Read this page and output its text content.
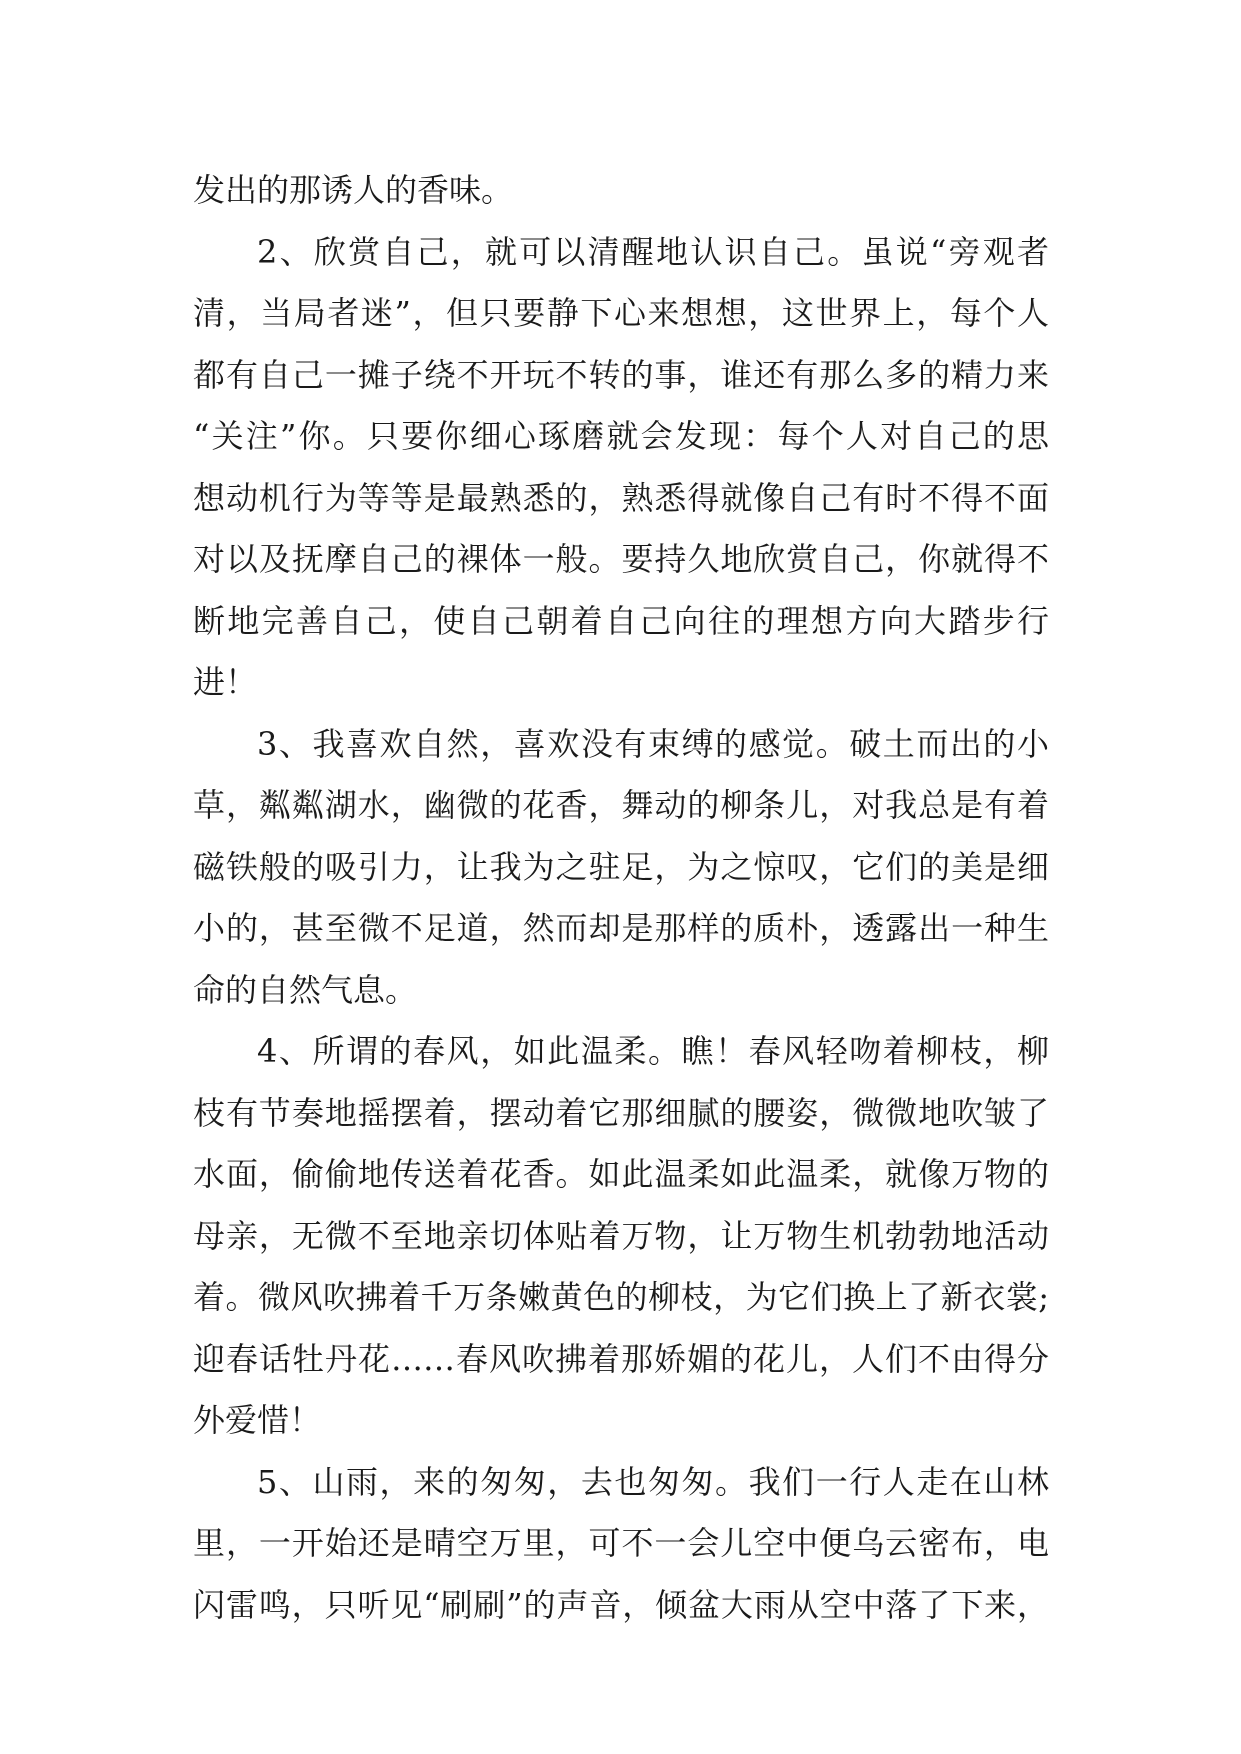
发出的那诱人的香味。
2、欣赏自己，就可以清醒地认识自己。虽说“旁观者
清，当局者迷”，但只要静下心来想想，这世界上，每个人
都有自己一摊子绕不开玩不转的事，谁还有那么多的精力来
“关注”你。只要你细心琢磨就会发现：每个人对自己的思
想动机行为等等是最熟悉的，熟悉得就像自己有时不得不面
对以及抚摩自己的裸体一般。要持久地欣赏自己，你就得不
断地完善自己，使自己朝着自己向往的理想方向大踏步行
进！
3、我喜欢自然，喜欢没有束缚的感觉。破土而出的小
草，粼粼湖水，幽微的花香，舞动的柳条儿，对我总是有着
磁铁般的吸引力，让我为之驻足，为之惊叹，它们的美是细
小的，甚至微不足道，然而却是那样的质朴，透露出一种生
命的自然气息。
4、所谓的春风，如此温柔。瞧！春风轻吻着柳枝，柳
枝有节奏地摇摆着，摆动着它那细腻的腰姿，微微地吹皱了
水面，偷偷地传送着花香。如此温柔如此温柔，就像万物的
母亲，无微不至地亲切体贴着万物，让万物生机勃勃地活动
着。微风吹拂着千万条嫩黄色的柳枝，为它们换上了新衣裳;
迎春话牡丹花……春风吹拂着那娇媚的花儿，人们不由得分
外爱惜！
5、山雨，来的匆匆，去也匆匆。我们一行人走在山林
里，一开始还是晴空万里，可不一会儿空中便乌云密布，电
闪雷鸣，只听见“刷刷”的声音，倾盆大雨从空中落了下来，
